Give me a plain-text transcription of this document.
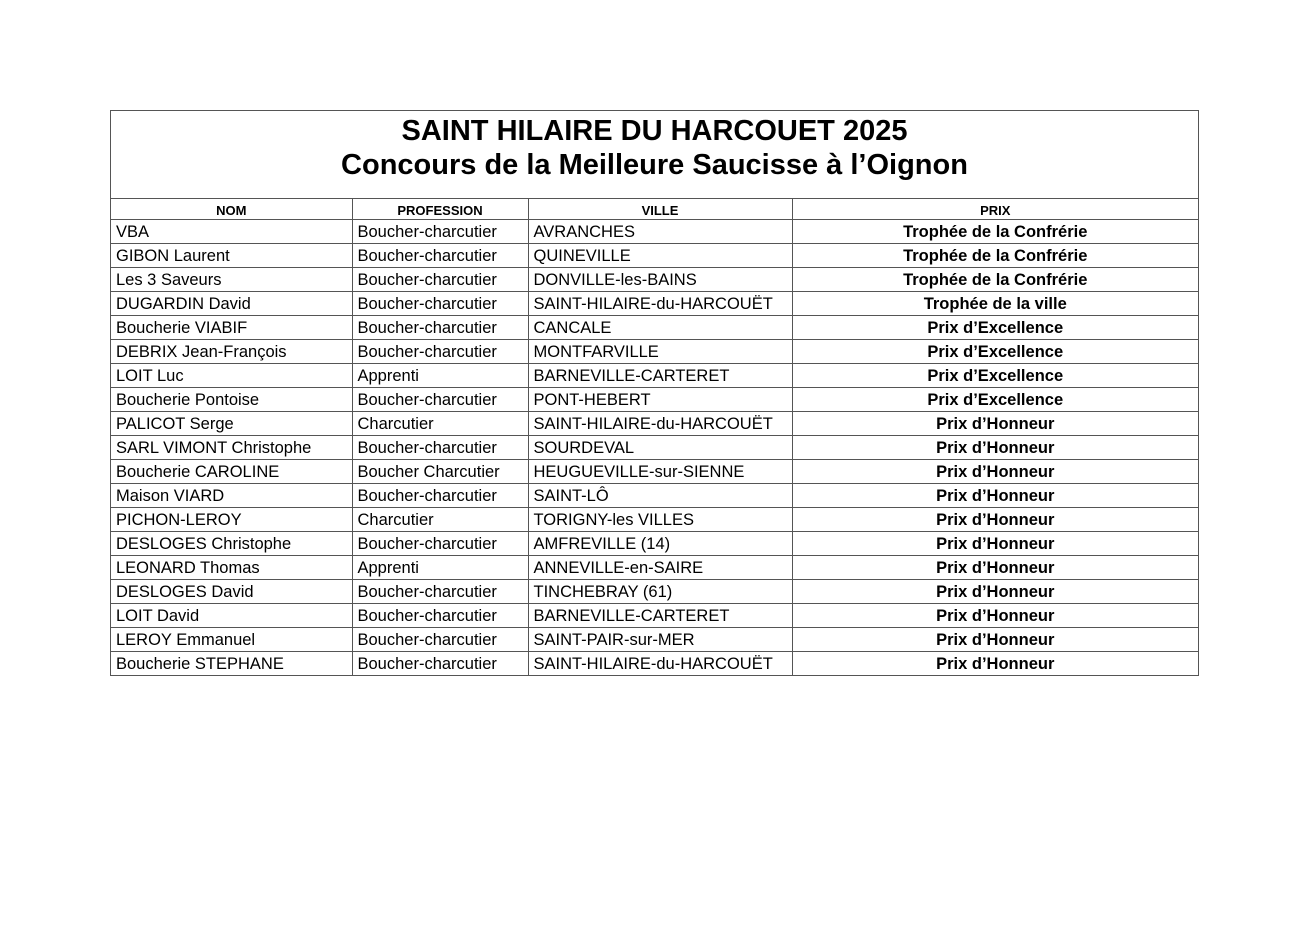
SAINT HILAIRE DU HARCOUET 2025
Concours de la Meilleure Saucisse à l’Oignon
NOM	PROFESSION	VILLE	PRIX
VBA	Boucher-charcutier	AVRANCHES	Trophée de la Confrérie
GIBON Laurent	Boucher-charcutier	QUINEVILLE	Trophée de la Confrérie
Les 3 Saveurs	Boucher-charcutier	DONVILLE-les-BAINS	Trophée de la Confrérie
DUGARDIN David	Boucher-charcutier	SAINT-HILAIRE-du-HARCOUËT	Trophée de la ville
Boucherie VIABIF	Boucher-charcutier	CANCALE	Prix d’Excellence
DEBRIX Jean-François	Boucher-charcutier	MONTFARVILLE	Prix d’Excellence
LOIT Luc	Apprenti	BARNEVILLE-CARTERET	Prix d’Excellence
Boucherie Pontoise	Boucher-charcutier	PONT-HEBERT	Prix d’Excellence
PALICOT Serge	Charcutier	SAINT-HILAIRE-du-HARCOUËT	Prix d’Honneur
SARL VIMONT Christophe	Boucher-charcutier	SOURDEVAL	Prix d’Honneur
Boucherie CAROLINE	Boucher Charcutier	HEUGUEVILLE-sur-SIENNE	Prix d’Honneur
Maison VIARD	Boucher-charcutier	SAINT-LÔ	Prix d’Honneur
PICHON-LEROY	Charcutier	TORIGNY-les VILLES	Prix d’Honneur
DESLOGES Christophe	Boucher-charcutier	AMFREVILLE (14)	Prix d’Honneur
LEONARD Thomas	Apprenti	ANNEVILLE-en-SAIRE	Prix d’Honneur
DESLOGES David	Boucher-charcutier	TINCHEBRAY (61)	Prix d’Honneur
LOIT David	Boucher-charcutier	BARNEVILLE-CARTERET	Prix d’Honneur
LEROY Emmanuel	Boucher-charcutier	SAINT-PAIR-sur-MER	Prix d’Honneur
Boucherie STEPHANE	Boucher-charcutier	SAINT-HILAIRE-du-HARCOUËT	Prix d’Honneur
